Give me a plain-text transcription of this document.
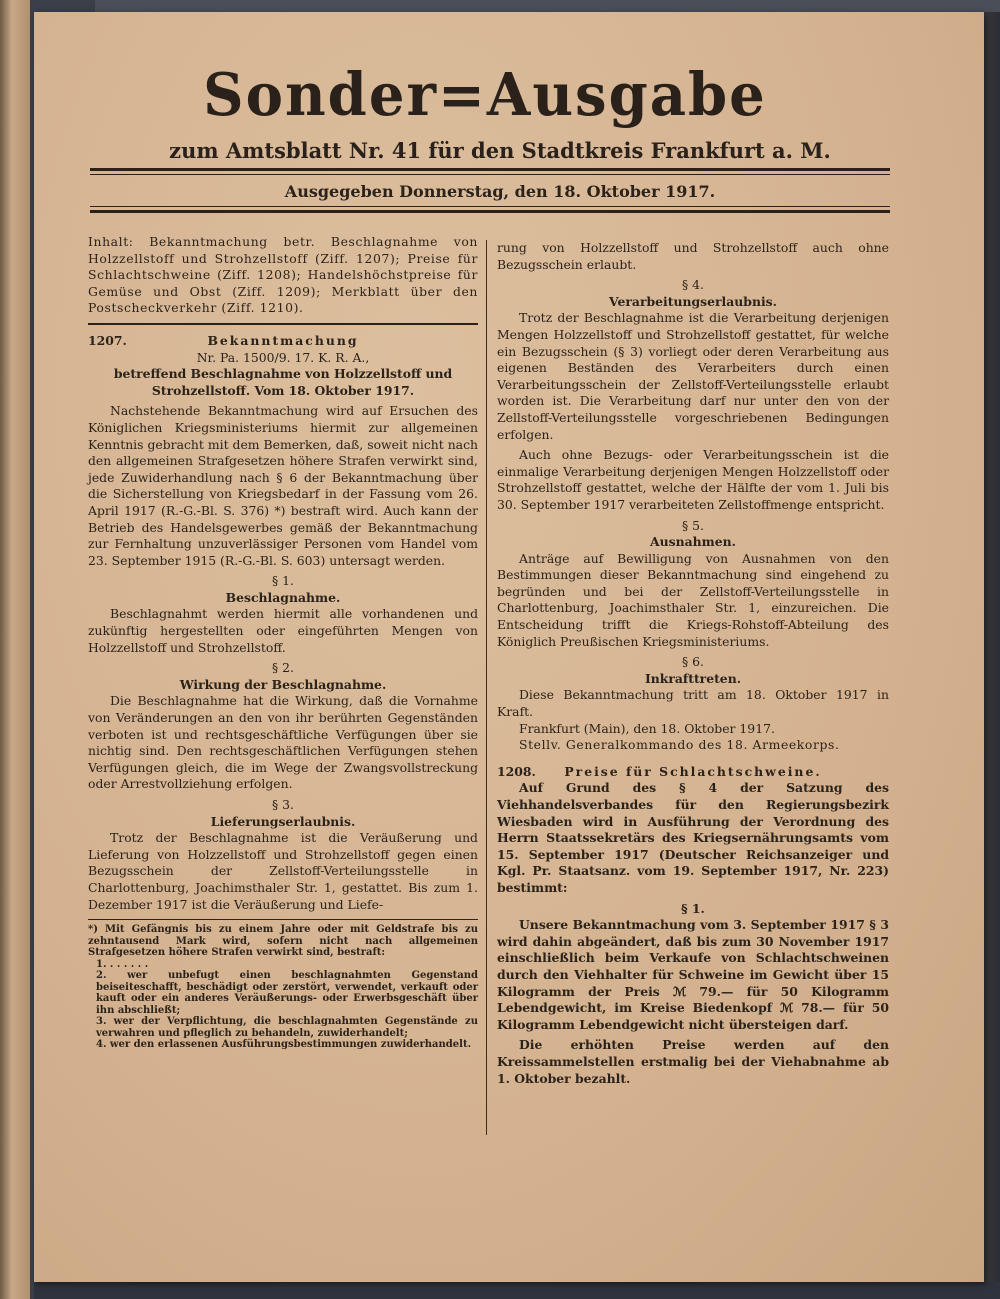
Sonder=Ausgabe
zum Amtsblatt Nr. 41 für den Stadtkreis Frankfurt a. M.
Ausgegeben Donnerstag, den 18. Oktober 1917.

Inhalt: Bekanntmachung betr. Beschlagnahme von Holzzellstoff und Strohzellstoff (Ziff. 1207); Preise für Schlachtschweine (Ziff. 1208); Handelshöchstpreise für Gemüse und Obst (Ziff. 1209); Merkblatt über den Postscheckverkehr (Ziff. 1210).

1207.	Bekanntmachung

Nr. Pa. 1500/9. 17. K. R. A.,

betreffend Beschlagnahme von Holzzellstoff und Strohzellstoff. Vom 18. Oktober 1917.

Nachstehende Bekanntmachung wird auf Ersuchen des Königlichen Kriegsministeriums hiermit zur allgemeinen Kenntnis gebracht mit dem Bemerken, daß, soweit nicht nach den allgemeinen Strafgesetzen höhere Strafen verwirkt sind, jede Zuwiderhandlung nach § 6 der Bekanntmachung über die Sicherstellung von Kriegsbedarf in der Fassung vom 26. April 1917 (R.-G.-Bl. S. 376) *) bestraft wird. Auch kann der Betrieb des Handelsgewerbes gemäß der Bekanntmachung zur Fernhaltung unzuverlässiger Personen vom Handel vom 23. September 1915 (R.-G.-Bl. S. 603) untersagt werden.

§ 1.

Beschlagnahme.

Beschlagnahmt werden hiermit alle vorhandenen und zukünftig hergestellten oder eingeführten Mengen von Holzzellstoff und Strohzellstoff.

§ 2.

Wirkung der Beschlagnahme.

Die Beschlagnahme hat die Wirkung, daß die Vornahme von Veränderungen an den von ihr berührten Gegenständen verboten ist und rechtsgeschäftliche Verfügungen über sie nichtig sind. Den rechtsgeschäftlichen Verfügungen stehen Verfügungen gleich, die im Wege der Zwangsvollstreckung oder Arrestvollziehung erfolgen.

§ 3.

Lieferungserlaubnis.

Trotz der Beschlagnahme ist die Veräußerung und Lieferung von Holzzellstoff und Strohzellstoff gegen einen Bezugsschein der Zellstoff-Verteilungsstelle in Charlottenburg, Joachimsthaler Str. 1, gestattet. Bis zum 1. Dezember 1917 ist die Veräußerung und Liefe-

*) Mit Gefängnis bis zu einem Jahre oder mit Geldstrafe bis zu zehntausend Mark wird, sofern nicht nach allgemeinen Strafgesetzen höhere Strafen verwirkt sind, bestraft:

1. . . . . . .

2. wer unbefugt einen beschlagnahmten Gegenstand beiseiteschafft, beschädigt oder zerstört, verwendet, verkauft oder kauft oder ein anderes Veräußerungs- oder Erwerbsgeschäft über ihn abschließt;

3. wer der Verpflichtung, die beschlagnahmten Gegenstände zu verwahren und pfleglich zu behandeln, zuwiderhandelt;

4. wer den erlassenen Ausführungsbestimmungen zuwiderhandelt.

rung von Holzzellstoff und Strohzellstoff auch ohne Bezugsschein erlaubt.

§ 4.

Verarbeitungserlaubnis.

Trotz der Beschlagnahme ist die Verarbeitung derjenigen Mengen Holzzellstoff und Strohzellstoff gestattet, für welche ein Bezugsschein (§ 3) vorliegt oder deren Verarbeitung aus eigenen Beständen des Verarbeiters durch einen Verarbeitungsschein der Zellstoff-Verteilungsstelle erlaubt worden ist. Die Verarbeitung darf nur unter den von der Zellstoff-Verteilungsstelle vorgeschriebenen Bedingungen erfolgen.

Auch ohne Bezugs- oder Verarbeitungsschein ist die einmalige Verarbeitung derjenigen Mengen Holzzellstoff oder Strohzellstoff gestattet, welche der Hälfte der vom 1. Juli bis 30. September 1917 verarbeiteten Zellstoffmenge entspricht.

§ 5.

Ausnahmen.

Anträge auf Bewilligung von Ausnahmen von den Bestimmungen dieser Bekanntmachung sind eingehend zu begründen und bei der Zellstoff-Verteilungsstelle in Charlottenburg, Joachimsthaler Str. 1, einzureichen. Die Entscheidung trifft die Kriegs-Rohstoff-Abteilung des Königlich Preußischen Kriegsministeriums.

§ 6.

Inkrafttreten.

Diese Bekanntmachung tritt am 18. Oktober 1917 in Kraft.

Frankfurt (Main), den 18. Oktober 1917.

Stellv. Generalkommando des 18. Armeekorps.

1208.	Preise für Schlachtschweine.

Auf Grund des § 4 der Satzung des Viehhandelsverbandes für den Regierungsbezirk Wiesbaden wird in Ausführung der Verordnung des Herrn Staatssekretärs des Kriegsernährungsamts vom 15. September 1917 (Deutscher Reichsanzeiger und Kgl. Pr. Staatsanz. vom 19. September 1917, Nr. 223) bestimmt:

§ 1.

Unsere Bekanntmachung vom 3. September 1917 § 3 wird dahin abgeändert, daß bis zum 30 November 1917 einschließlich beim Verkaufe von Schlachtschweinen durch den Viehhalter für Schweine im Gewicht über 15 Kilogramm der Preis ℳ 79.— für 50 Kilogramm Lebendgewicht, im Kreise Biedenkopf ℳ 78.— für 50 Kilogramm Lebendgewicht nicht übersteigen darf.

Die erhöhten Preise werden auf den Kreissammelstellen erstmalig bei der Viehabnahme ab 1. Oktober bezahlt.
